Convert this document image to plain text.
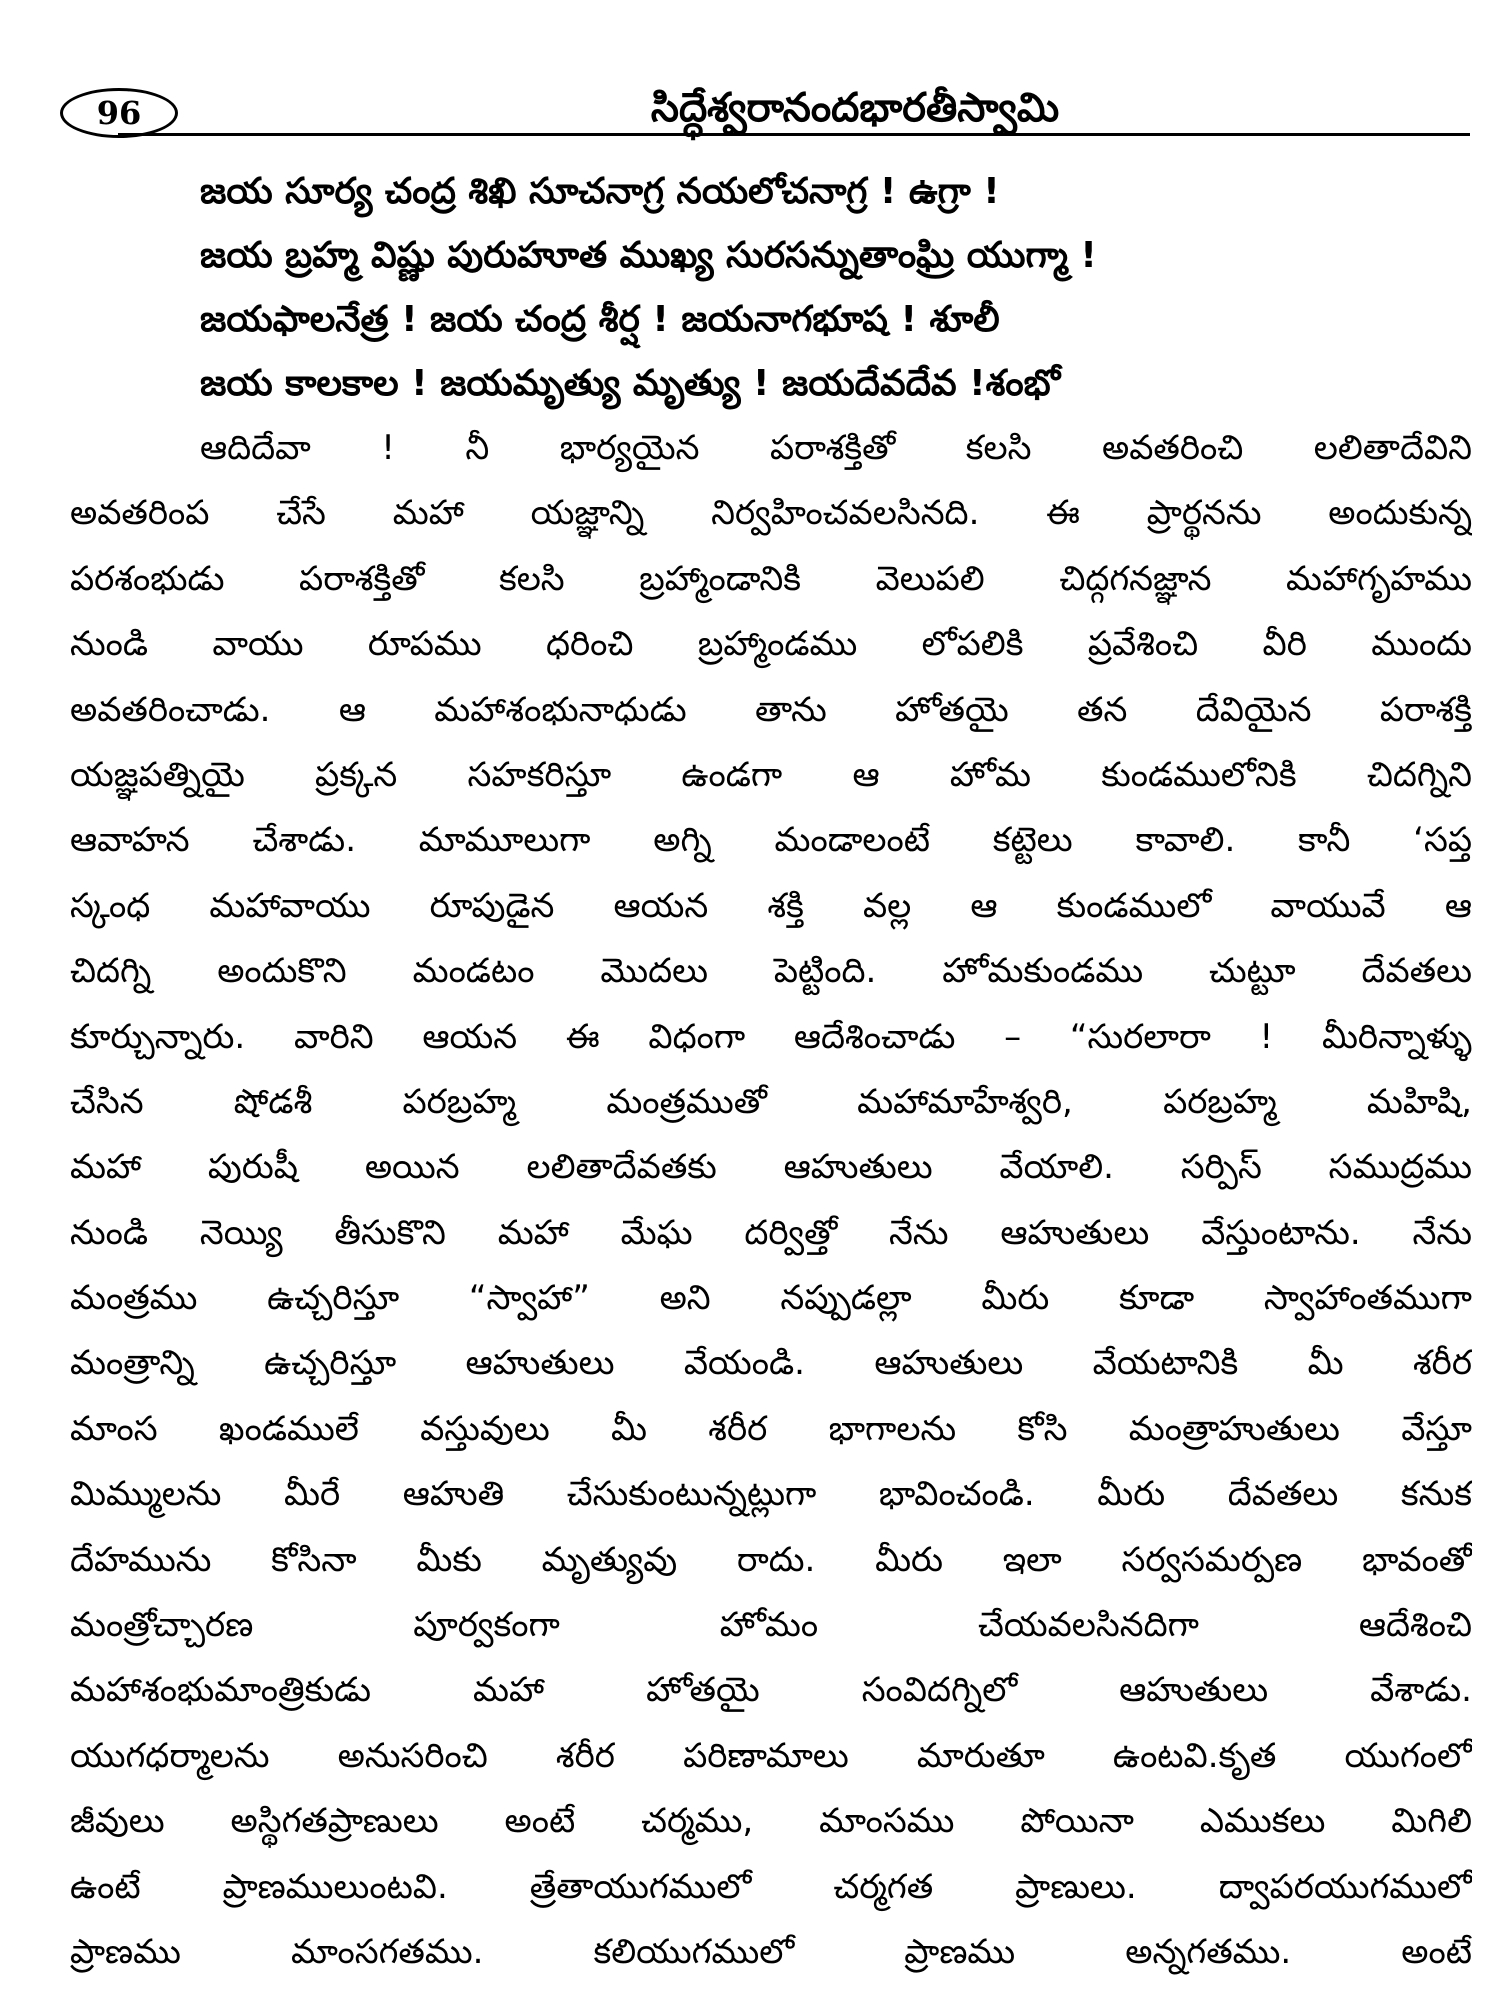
96	సిద్ధేశ్వరానందభారతీస్వామి
జయ సూర్య చంద్ర శిఖి సూచనాగ్ర నయలోచనాగ్ర ! ఉగ్రా !
జయ బ్రహ్మ విష్ణు పురుహూత ముఖ్య సురసన్నుతాంఘ్రి యుగ్మా !
జయఫాలనేత్ర ! జయ చంద్ర శీర్ష ! జయనాగభూష ! శూలీ
జయ కాలకాల ! జయమృత్యు మృత్యు ! జయదేవదేవ !శంభో
ఆదిదేవా ! నీ భార్యయైన పరాశక్తితో కలసి అవతరించి లలితాదేవిని
అవతరింప చేసే మహా యజ్ఞాన్ని నిర్వహించవలసినది. ఈ ప్రార్థనను అందుకున్న
పరశంభుడు పరాశక్తితో కలసి బ్రహ్మాండానికి వెలుపలి చిద్గగనజ్ఞాన మహాగృహము
నుండి వాయు రూపము ధరించి బ్రహ్మాండము లోపలికి ప్రవేశించి వీరి ముందు
అవతరించాడు. ఆ మహాశంభునాధుడు తాను హోతయై తన దేవియైన పరాశక్తి
యజ్ఞపత్నియై ప్రక్కన సహకరిస్తూ ఉండగా ఆ హోమ కుండములోనికి చిదగ్నిని
ఆవాహన చేశాడు. మామూలుగా అగ్ని మండాలంటే కట్టెలు కావాలి. కానీ ‘సప్త
స్కంధ మహావాయు రూపుడైన ఆయన శక్తి వల్ల ఆ కుండములో వాయువే ఆ
చిదగ్ని అందుకొని మండటం మొదలు పెట్టింది. హోమకుండము చుట్టూ దేవతలు
కూర్చున్నారు. వారిని ఆయన ఈ విధంగా ఆదేశించాడు – “సురలారా ! మీరిన్నాళ్ళు
చేసిన షోడశీ పరబ్రహ్మ మంత్రముతో మహామాహేశ్వరి, పరబ్రహ్మ మహిషి,
మహా పురుషీ అయిన లలితాదేవతకు ఆహుతులు వేయాలి. సర్పిస్ సముద్రము
నుండి నెయ్యి తీసుకొని మహా మేఘ దర్విత్తో నేను ఆహుతులు వేస్తుంటాను. నేను
మంత్రము ఉచ్చరిస్తూ “స్వాహా” అని నప్పుడల్లా మీరు కూడా స్వాహాంతముగా
మంత్రాన్ని ఉచ్చరిస్తూ ఆహుతులు వేయండి. ఆహుతులు వేయటానికి మీ శరీర
మాంస ఖండములే వస్తువులు మీ శరీర భాగాలను కోసి మంత్రాహుతులు వేస్తూ
మిమ్ములను మీరే ఆహుతి చేసుకుంటున్నట్లుగా భావించండి. మీరు దేవతలు కనుక
దేహమును కోసినా మీకు మృత్యువు రాదు. మీరు ఇలా సర్వసమర్పణ భావంతో
మంత్రోచ్చారణ పూర్వకంగా హోమం చేయవలసినదిగా ఆదేశించి
మహాశంభుమాంత్రికుడు మహా హోతయై సంవిదగ్నిలో ఆహుతులు వేశాడు.
యుగధర్మాలను అనుసరించి శరీర పరిణామాలు మారుతూ ఉంటవి.కృత యుగంలో
జీవులు అస్థిగతప్రాణులు అంటే చర్మము, మాంసము పోయినా ఎముకలు మిగిలి
ఉంటే ప్రాణములుంటవి. త్రేతాయుగములో చర్మగత ప్రాణులు. ద్వాపరయుగములో
ప్రాణము మాంసగతము. కలియుగములో ప్రాణము అన్నగతము. అంటే
